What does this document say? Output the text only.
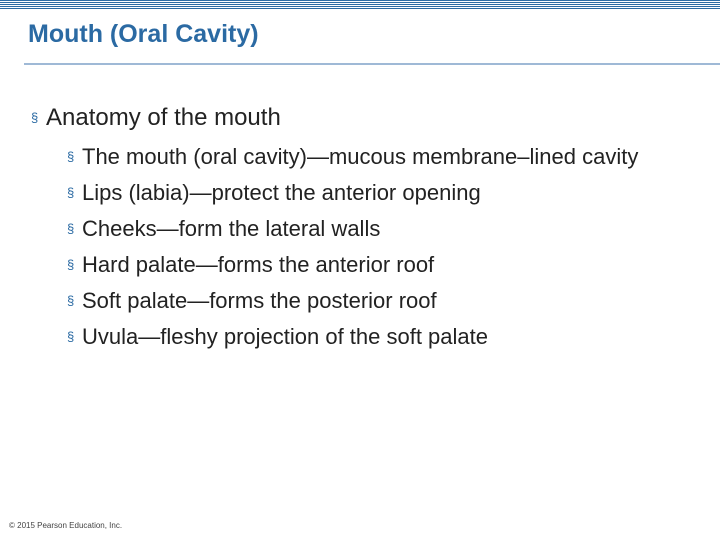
Mouth (Oral Cavity)
§ Anatomy of the mouth
§ The mouth (oral cavity)—mucous membrane–lined cavity
§ Lips (labia)—protect the anterior opening
§ Cheeks—form the lateral walls
§ Hard palate—forms the anterior roof
§ Soft palate—forms the posterior roof
§ Uvula—fleshy projection of the soft palate
© 2015 Pearson Education, Inc.
